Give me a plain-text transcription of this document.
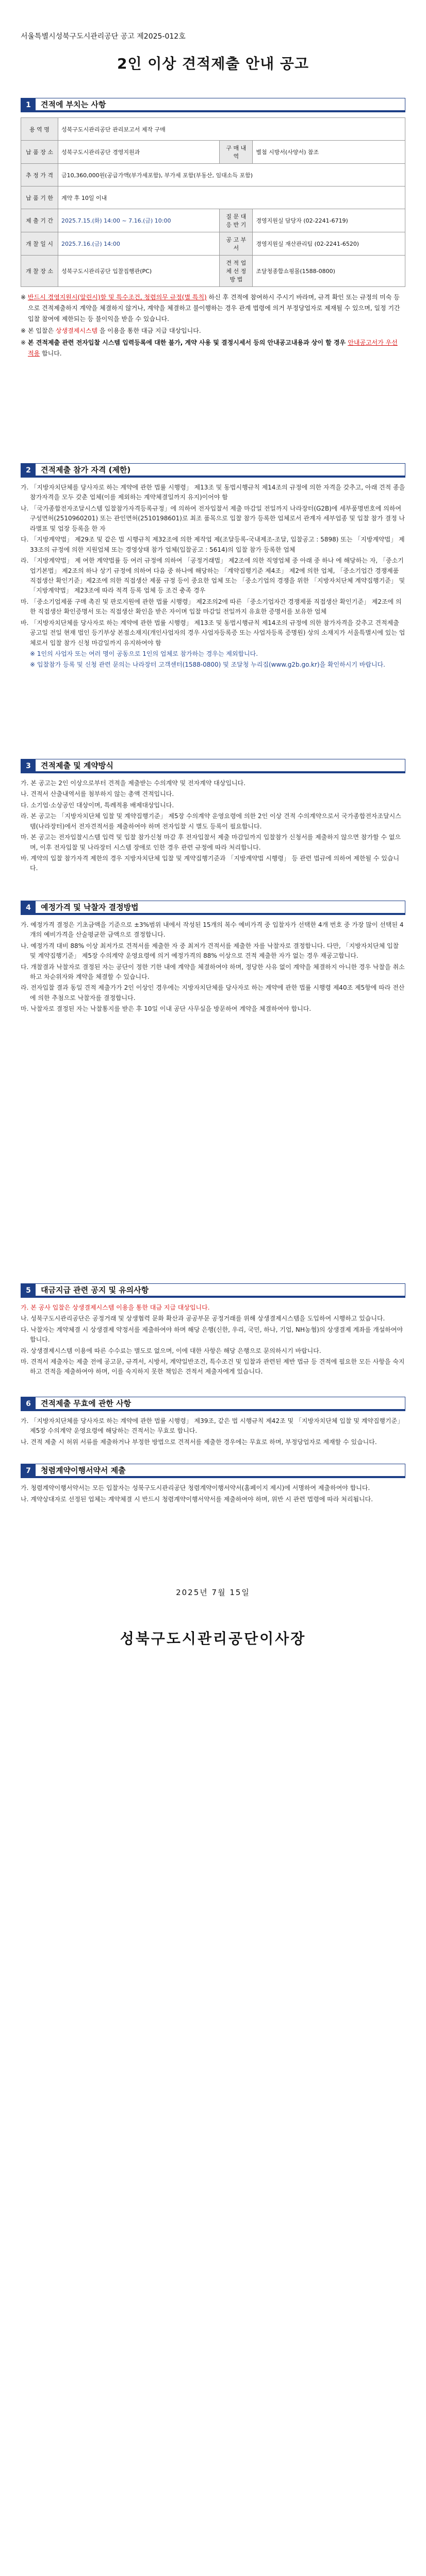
서울특별시성북구도시관리공단 공고 제2025-012호
2인 이상 견적제출 안내 공고
1	견적에 부치는 사항
용 역 명	성북구도시관리공단 관리보고서 제작 구매		
납 품 장 소	성북구도시관리공단 경영지원과	구 매 내 역	별첨 시방서(사양서) 참조
추 정 가 격	금10,360,000원(공급가액(부가세포함), 부가세 포함(부동산, 임대소득 포함)		
납 품 기 한	계약 후 10일 이내		
제 출 기 간	2025.7.15.(화) 14:00 ~ 7.16.(금) 10:00	질 문 대 응 반 기	경영지원실 담당자 (02-2241-6719)
개 찰 일 시	2025.7.16.(금) 14:00	공 고 부 서	경영지원실 재산관리팀 (02-2241-6520)
개 찰 장 소	성북구도시관리공단 입찰집행관(PC)	견 적 업 체 선 정 방 법	조달청종합쇼핑몰(1588-0800)
※ 반드시 경영지원시(알린시)할 및 특수조건, 청렴의무 규정(별 특칙) 하신 후 견적에 참여하시 주시기 바라며, 규격 확인 또는 규정의 미숙 등으로 견적제출하지 계약을 체결하지 않거나, 계약을 체결하고 불이행하는 경우 관계 법령에 의거 부정당업자로 제재될 수 있으며, 일정 기간 입찰 참여에 제한되는 등 불이익을 받을 수 있습니다.
※ 본 입찰은 상생결제시스템 을 이용을 통한 대금 지급 대상입니다.
※ 본 견적제출 관련 전자입찰 시스템 입력등록에 대한 불가, 계약 사용 및 결정시세서 등의 안내공고내용과 상이 할 경우 안내공고서가 우선 적용 합니다.
2	견적제출 참가 자격 (제한)
가. 「지방자치단체를 당사자로 하는 계약에 관한 법률 시행령」 제13조 및 동법시행규칙 제14조의 규정에 의한 자격을 갖추고, 아래 견적 종을 참가자격을 모두 갖춘 업체(이를 제외하는 계약체결일까지 유지)이어야 함
나. 「국가종합전자조달시스템 입찰참가자격등록규정」에 의하여 전자입찰서 제출 마감일 전일까지 나라장터(G2B)에 세부품명번호에 의하여 구성면허(2510960201) 또는 관인면허(2510198601)로 최조 품목으로 입찰 참가 등록한 업체로서 관계자 세부업종 및 입찰 참가 결정 나라별표 및 업장 등록을 한 자
다. 「지방계약법」 제29조 및 같은 법 시행규칙 제32조에 의한 제작업 제(조달등록-국내제조-조달, 입찰공고 : 5898) 또는 「지방계약법」 제33조의 규정에 의한 지원업체 또는 경영상태 참가 업체(입찰공고 : 5614)의 입찰 참가 등록한 업체
라. 「지방계약법」 제 여한 계약법률 등 여러 규정에 의하여 「공정거래법」 제2조에 의한 직영업체 중 아래 중 하나 에 해당하는 자, 「중소기업기본법」 제2조의 하나 상기 규정에 의하여 다음 중 하나에 해당하는 「계약집행기준 제4조」 제2에 의한 업체, 「중소기업간 경쟁제품 직접생산 확인기준」제2조에 의한 직접생산 제품 규정 등이 중요한 업체 또는 「중소기업의 경쟁을 위한 「지방자치단체 계약집행기준」 및 「지방계약법」 제23조에 따라 적격 등록 업체 등 조건 충족 경우
마. 「중소기업제품 구매 촉진 및 판로지원에 관한 법률 시행령」 제2조의2에 따른 「중소기업자간 경쟁제품 직접생산 확인기준」 제2조에 의한 직접생산 확인증명서 또는 직접생산 확인을 받은 자이며 입찰 마감일 전일까지 유효한 증명서를 보유한 업체
바. 「지방자치단체를 당사자로 하는 계약에 관한 법률 시행령」 제13조 및 동법시행규칙 제14조의 규정에 의한 참가자격을 갖추고 견적제출 공고일 전일 현재 법인 등기부상 본점소재지(개인사업자의 경우 사업자등록증 또는 사업자등록 증명원) 상의 소재지가 서울특별시에 있는 업체로서 입찰 참가 신청 마감일까지 유지하여야 함
※ 1인의 사업자 또는 여러 명이 공동으로 1인의 업체로 참가하는 경우는 제외합니다.
※ 입찰참가 등록 및 신청 관련 문의는 나라장터 고객센터(1588-0800) 및 조달청 누리집(www.g2b.go.kr)을 확인하시기 바랍니다.
3	견적제출 및 계약방식
가. 본 공고는 2인 이상으로부터 견적을 제출받는 수의계약 및 전자계약 대상입니다.
나. 견적서 산출내역서를 첨부하지 않는 총액 견적입니다.
다. 소기업·소상공인 대상이며, 특례적용 배제대상입니다.
라. 본 공고는 「지방자치단체 입찰 및 계약집행기준」 제5장 수의계약 운영요령에 의한 2인 이상 견적 수의계약으로서 국가종합전자조달시스템(나라장터)에서 전자견적서를 제출하여야 하며 전자입찰 시 별도 등록이 필요합니다.
마. 본 공고는 전자입찰시스템 입력 및 입찰 참가신청 마감 후 전자입찰서 제출 마감일까지 입찰참가 신청서를 제출하지 않으면 참가할 수 없으며, 이후 전자입찰 및 나라장터 시스템 장애로 인한 경우 관련 규정에 따라 처리합니다.
바. 계약의 입찰 참가자격 제한의 경우 지방자치단체 입찰 및 계약집행기준과 「지방계약법 시행령」 등 관련 법규에 의하여 제한될 수 있습니다.
4	예정가격 및 낙찰자 결정방법
가. 예정가격 결정은 기초금액을 기준으로 ±3%범위 내에서 작성된 15개의 복수 예비가격 중 입찰자가 선택한 4개 번호 중 가장 많이 선택된 4개의 예비가격을 산술평균한 금액으로 결정합니다.
나. 예정가격 대비 88% 이상 최저가로 견적서를 제출한 자 중 최저가 견적서를 제출한 자를 낙찰자로 결정합니다. 다만, 「지방자치단체 입찰 및 계약집행기준」 제5장 수의계약 운영요령에 의거 예정가격의 88% 이상으로 견적 제출한 자가 없는 경우 재공고합니다.
다. 개찰결과 낙찰자로 결정된 자는 공단이 정한 기한 내에 계약을 체결하여야 하며, 정당한 사유 없이 계약을 체결하지 아니한 경우 낙찰을 취소하고 차순위자와 계약을 체결할 수 있습니다.
라. 전자입찰 결과 동일 견적 제출가가 2인 이상인 경우에는 지방자치단체를 당사자로 하는 계약에 관한 법률 시행령 제40조 제5항에 따라 전산에 의한 추첨으로 낙찰자를 결정합니다.
마. 낙찰자로 결정된 자는 낙찰통지를 받은 후 10일 이내 공단 사무실을 방문하여 계약을 체결하여야 합니다.
5	대금지급 관련 공지 및 유의사항
가. 본 공사 입찰은 상생결제시스템 이용을 통한 대금 지급 대상입니다.
나. 성북구도시관리공단은 공정거래 및 상생협력 문화 확산과 공공부문 공정거래를 위해 상생결제시스템을 도입하여 시행하고 있습니다.
다. 낙찰자는 계약체결 시 상생결제 약정서를 제출하여야 하며 해당 은행(신한, 우리, 국민, 하나, 기업, NH농협)의 상생결제 계좌를 개설하여야 합니다.
라. 상생결제시스템 이용에 따른 수수료는 별도로 없으며, 이에 대한 사항은 해당 은행으로 문의하시기 바랍니다.
마. 견적서 제출자는 제출 전에 공고문, 규격서, 시방서, 계약일반조건, 특수조건 및 입찰과 관련된 제반 법규 등 견적에 필요한 모든 사항을 숙지하고 견적을 제출하여야 하며, 이를 숙지하지 못한 책임은 견적서 제출자에게 있습니다.
6	견적제출 무효에 관한 사항
가. 「지방자치단체를 당사자로 하는 계약에 관한 법률 시행령」 제39조, 같은 법 시행규칙 제42조 및 「지방자치단체 입찰 및 계약집행기준」 제5장 수의계약 운영요령에 해당하는 견적서는 무효로 합니다.
나. 견적 제출 시 허위 서류를 제출하거나 부정한 방법으로 견적서를 제출한 경우에는 무효로 하며, 부정당업자로 제재할 수 있습니다.
7	청렴계약이행서약서 제출
가. 청렴계약이행서약서는 모든 입찰자는 성북구도시관리공단 청렴계약이행서약서(홈페이지 제시)에 서명하여 제출하여야 합니다.
나. 계약상대자로 선정된 업체는 계약체결 시 반드시 청렴계약이행서약서를 제출하여야 하며, 위반 시 관련 법령에 따라 처리됩니다.
2025년 7월 15일
성북구도시관리공단이사장
